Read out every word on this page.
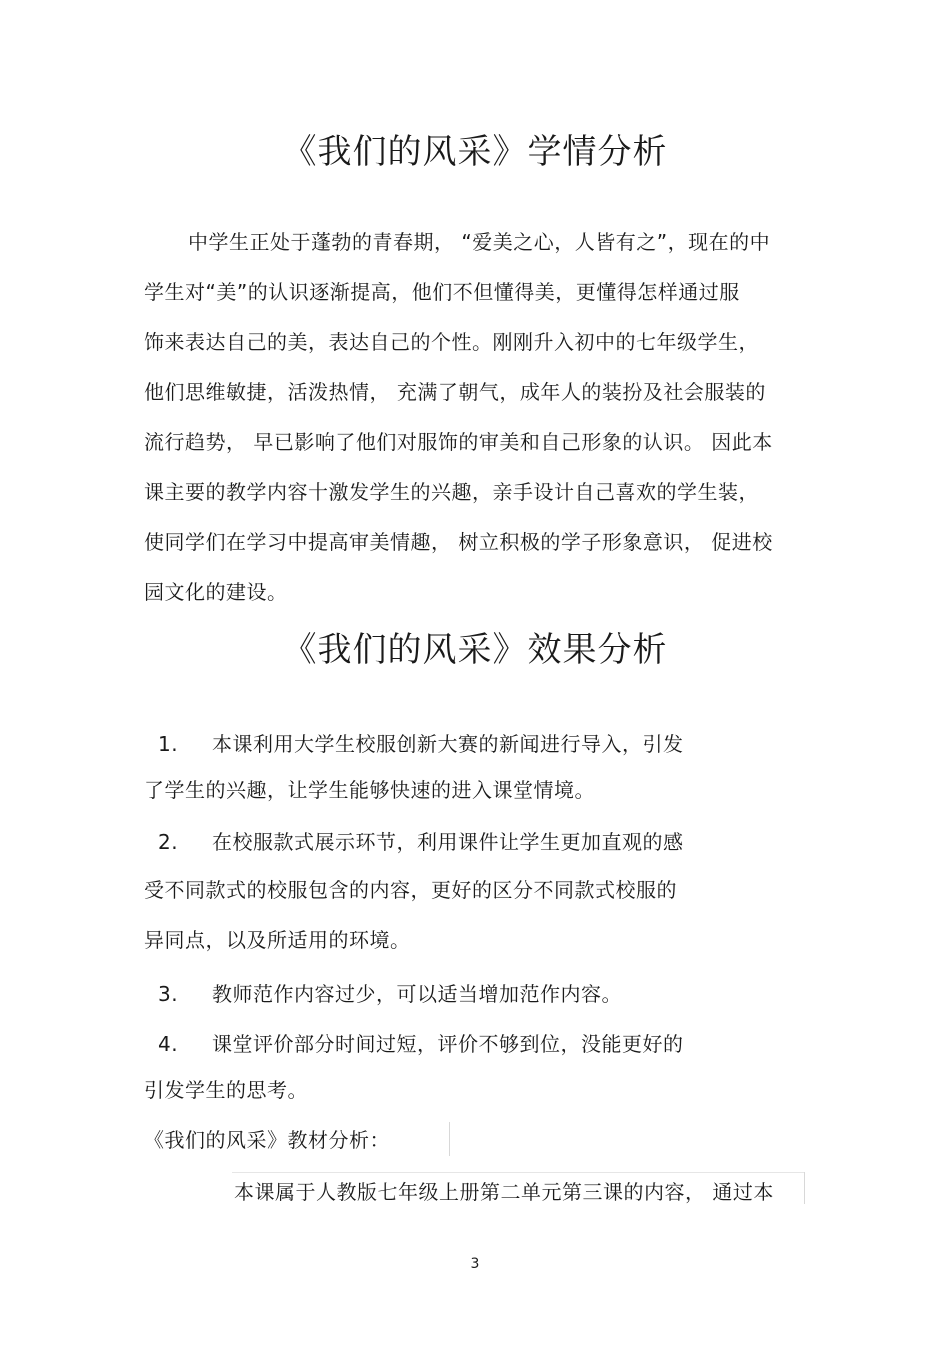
《我们的风采》学情分析
中学生正处于蓬勃的青春期， “爱美之心，人皆有之”，现在的中
学生对“美”的认识逐渐提高，他们不但懂得美，更懂得怎样通过服
饰来表达自己的美，表达自己的个性。刚刚升入初中的七年级学生，
他们思维敏捷，活泼热情， 充满了朝气，成年人的装扮及社会服装的
流行趋势， 早已影响了他们对服饰的审美和自己形象的认识。 因此本
课主要的教学内容十激发学生的兴趣，亲手设计自己喜欢的学生装，
使同学们在学习中提高审美情趣， 树立积极的学子形象意识， 促进校
园文化的建设。
《我们的风采》效果分析
1. 本课利用大学生校服创新大赛的新闻进行导入，引发
了学生的兴趣，让学生能够快速的进入课堂情境。
2. 在校服款式展示环节，利用课件让学生更加直观的感
受不同款式的校服包含的内容，更好的区分不同款式校服的
异同点，以及所适用的环境。
3. 教师范作内容过少，可以适当增加范作内容。
4. 课堂评价部分时间过短，评价不够到位，没能更好的
引发学生的思考。
《我们的风采》教材分析：
本课属于人教版七年级上册第二单元第三课的内容， 通过本
3
